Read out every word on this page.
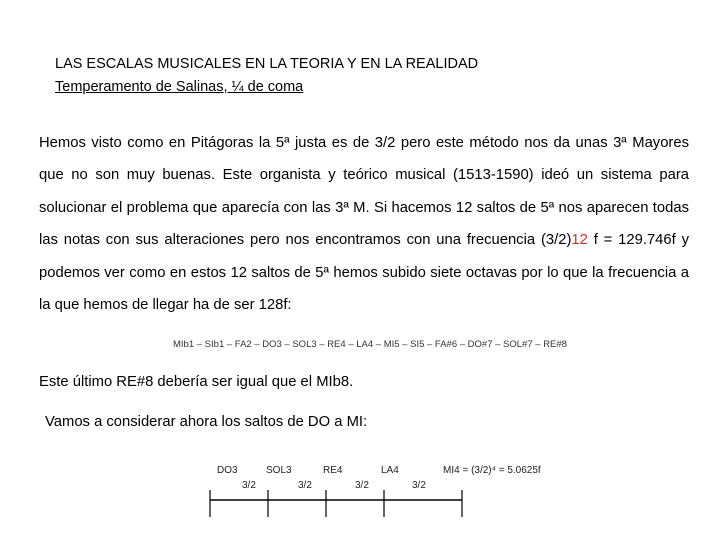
LAS ESCALAS MUSICALES EN LA TEORIA Y EN LA REALIDAD
Temperamento de Salinas, ¼ de coma

Hemos visto como en Pitágoras la 5ª justa es de 3/2 pero este método nos da unas 3ª Mayores que no son muy buenas. Este organista y teórico musical (1513-1590) ideó un sistema para solucionar el problema que aparecía con las 3ª M. Si hacemos 12 saltos de 5ª nos aparecen todas las notas con sus alteraciones pero nos encontramos con una frecuencia (3/2)12 f = 129.746f y podemos ver como en estos 12 saltos de 5ª hemos subido siete octavas por lo que la frecuencia a la que hemos de llegar ha de ser 128f:

MIb1 – SIb1 – FA2 – DO3 – SOL3 – RE4 – LA4 – MI5 – SI5 – FA#6 – DO#7 – SOL#7 – RE#8

Este último RE#8 debería ser igual que el MIb8.

Vamos a considerar ahora los saltos de DO a MI:

DO3	SOL3	RE4	LA4	MI4 = (3/2)⁴ = 5.0625f
3/2	3/2	3/2	3/2
